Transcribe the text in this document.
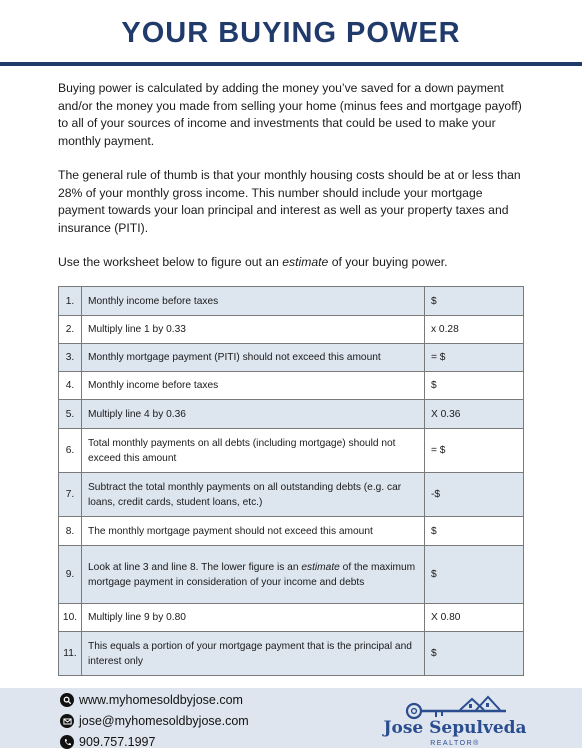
YOUR BUYING POWER

Buying power is calculated by adding the money you’ve saved for a down payment and/or the money you made from selling your home (minus fees and mortgage payoff) to all of your sources of income and investments that could be used to make your monthly payment.

The general rule of thumb is that your monthly housing costs should be at or less than 28% of your monthly gross income. This number should include your mortgage payment towards your loan principal and interest as well as your property taxes and insurance (PITI).

Use the worksheet below to figure out an estimate of your buying power.

1.	Monthly income before taxes	$
2.	Multiply line 1 by 0.33	x 0.28
3.	Monthly mortgage payment (PITI) should not exceed this amount	= $
4.	Monthly income before taxes	$
5.	Multiply line 4 by 0.36	X 0.36
6.	Total monthly payments on all debts (including mortgage) should not exceed this amount	= $
7.	Subtract the total monthly payments on all outstanding debts (e.g. car loans, credit cards, student loans, etc.)	-$
8.	The monthly mortgage payment should not exceed this amount	$
9.	Look at line 3 and line 8. The lower figure is an estimate of the maximum mortgage payment in consideration of your income and debts	$
10.	Multiply line 9 by 0.80	X 0.80
11.	This equals a portion of your mortgage payment that is the principal and interest only	$
www.myhomesoldbyjose.com
jose@myhomesoldbyjose.com
909.757.1997
Jose Sepulveda
REALTOR®
